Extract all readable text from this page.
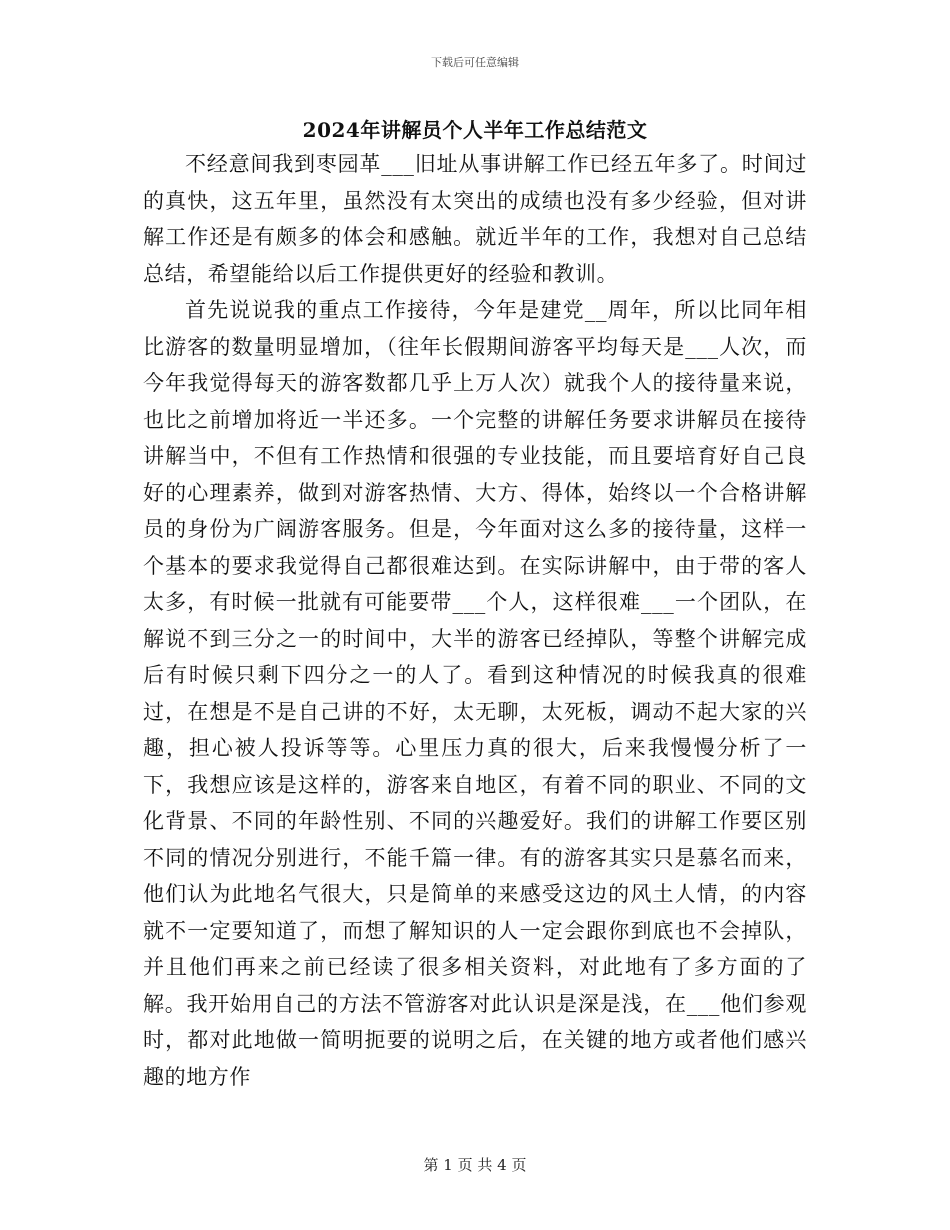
下载后可任意编辑
2024年讲解员个人半年工作总结范文

不经意间我到枣园革___旧址从事讲解工作已经五年多了。时间过的真快，这五年里，虽然没有太突出的成绩也没有多少经验，但对讲解工作还是有颇多的体会和感触。就近半年的工作，我想对自己总结总结，希望能给以后工作提供更好的经验和教训。

首先说说我的重点工作接待，今年是建党__周年，所以比同年相比游客的数量明显增加，（往年长假期间游客平均每天是___人次，而今年我觉得每天的游客数都几乎上万人次）就我个人的接待量来说，也比之前增加将近一半还多。一个完整的讲解任务要求讲解员在接待讲解当中，不但有工作热情和很强的专业技能，而且要培育好自己良好的心理素养，做到对游客热情、大方、得体，始终以一个合格讲解员的身份为广阔游客服务。但是，今年面对这么多的接待量，这样一个基本的要求我觉得自己都很难达到。在实际讲解中，由于带的客人太多，有时候一批就有可能要带___个人，这样很难___一个团队，在解说不到三分之一的时间中，大半的游客已经掉队，等整个讲解完成后有时候只剩下四分之一的人了。看到这种情况的时候我真的很难过，在想是不是自己讲的不好，太无聊，太死板，调动不起大家的兴趣，担心被人投诉等等。心里压力真的很大，后来我慢慢分析了一下，我想应该是这样的，游客来自地区，有着不同的职业、不同的文化背景、不同的年龄性别、不同的兴趣爱好。我们的讲解工作要区别不同的情况分别进行，不能千篇一律。有的游客其实只是慕名而来，他们认为此地名气很大，只是简单的来感受这边的风土人情，的内容就不一定要知道了，而想了解知识的人一定会跟你到底也不会掉队，并且他们再来之前已经读了很多相关资料，对此地有了多方面的了解。我开始用自己的方法不管游客对此认识是深是浅，在___他们参观时，都对此地做一简明扼要的说明之后，在关键的地方或者他们感兴趣的地方作

第 1 页 共 4 页
